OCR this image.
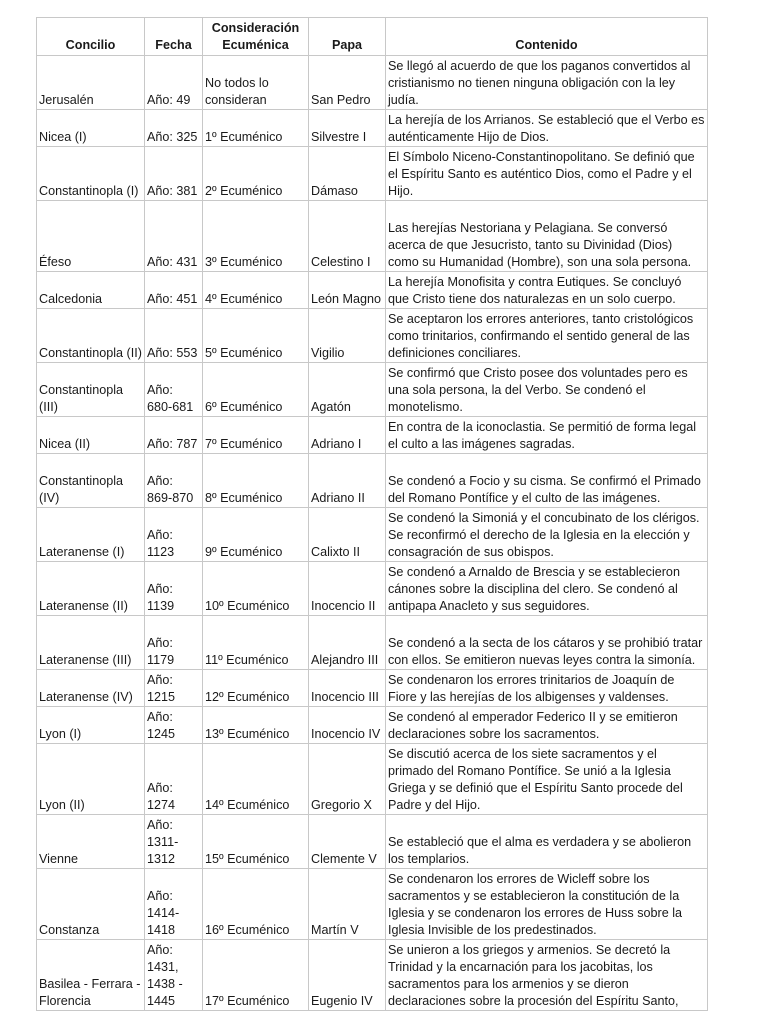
Concilio	Fecha	Consideración Ecuménica	Papa	Contenido
Jerusalén	Año: 49	No todos lo consideran	San Pedro	Se llegó al acuerdo de que los paganos convertidos al cristianismo no tienen ninguna obligación con la ley judía.
Nicea (I)	Año: 325	1º Ecuménico	Silvestre I	La herejía de los Arrianos. Se estableció que el Verbo es auténticamente Hijo de Dios.
Constantinopla (I)	Año: 381	2º Ecuménico	Dámaso	El Símbolo Niceno-Constantinopolitano. Se definió que el Espíritu Santo es auténtico Dios, como el Padre y el Hijo.
Éfeso	Año: 431	3º Ecuménico	Celestino I	Las herejías Nestoriana y Pelagiana. Se conversó acerca de que Jesucristo, tanto su Divinidad (Dios) como su Humanidad (Hombre), son una sola persona.
Calcedonia	Año: 451	4º Ecuménico	León Magno	La herejía Monofisita y contra Eutiques. Se concluyó que Cristo tiene dos naturalezas en un solo cuerpo.
Constantinopla (II)	Año: 553	5º Ecuménico	Vigilio	Se aceptaron los errores anteriores, tanto cristológicos como trinitarios, confirmando el sentido general de las definiciones conciliares.
Constantinopla (III)	Año: 680-681	6º Ecuménico	Agatón	Se confirmó que Cristo posee dos voluntades pero es una sola persona, la del Verbo. Se condenó el monotelismo.
Nicea (II)	Año: 787	7º Ecuménico	Adriano I	En contra de la iconoclastia. Se permitió de forma legal el culto a las imágenes sagradas.
Constantinopla (IV)	Año: 869-870	8º Ecuménico	Adriano II	Se condenó a Focio y su cisma. Se confirmó el Primado del Romano Pontífice y el culto de las imágenes.
Lateranense (I)	Año: 1123	9º Ecuménico	Calixto II	Se condenó la Simoniá y el concubinato de los clérigos. Se reconfirmó el derecho de la Iglesia en la elección y consagración de sus obispos.
Lateranense (II)	Año: 1139	10º Ecuménico	Inocencio II	Se condenó a Arnaldo de Brescia y se establecieron cánones sobre la disciplina del clero. Se condenó al antipapa Anacleto y sus seguidores.
Lateranense (III)	Año: 1179	11º Ecuménico	Alejandro III	Se condenó a la secta de los cátaros y se prohibió tratar con ellos. Se emitieron nuevas leyes contra la simonía.
Lateranense (IV)	Año: 1215	12º Ecuménico	Inocencio III	Se condenaron los errores trinitarios de Joaquín de Fiore y las herejías de los albigenses y valdenses.
Lyon (I)	Año: 1245	13º Ecuménico	Inocencio IV	Se condenó al emperador Federico II y se emitieron declaraciones sobre los sacramentos.
Lyon (II)	Año: 1274	14º Ecuménico	Gregorio X	Se discutió acerca de los siete sacramentos y el primado del Romano Pontífice. Se unió a la Iglesia Griega y se definió que el Espíritu Santo procede del Padre y del Hijo.
Vienne	Año: 1311-1312	15º Ecuménico	Clemente V	Se estableció que el alma es verdadera y se abolieron los templarios.
Constanza	Año: 1414-1418	16º Ecuménico	Martín V	Se condenaron los errores de Wicleff sobre los sacramentos y se establecieron la constitución de la Iglesia y se condenaron los errores de Huss sobre la Iglesia Invisible de los predestinados.
Basilea - Ferrara - Florencia	Año: 1431, 1438 - 1445	17º Ecuménico	Eugenio IV	Se unieron a los griegos y armenios. Se decretó la Trinidad y la encarnación para los jacobitas, los sacramentos para los armenios y se dieron declaraciones sobre la procesión del Espíritu Santo,
